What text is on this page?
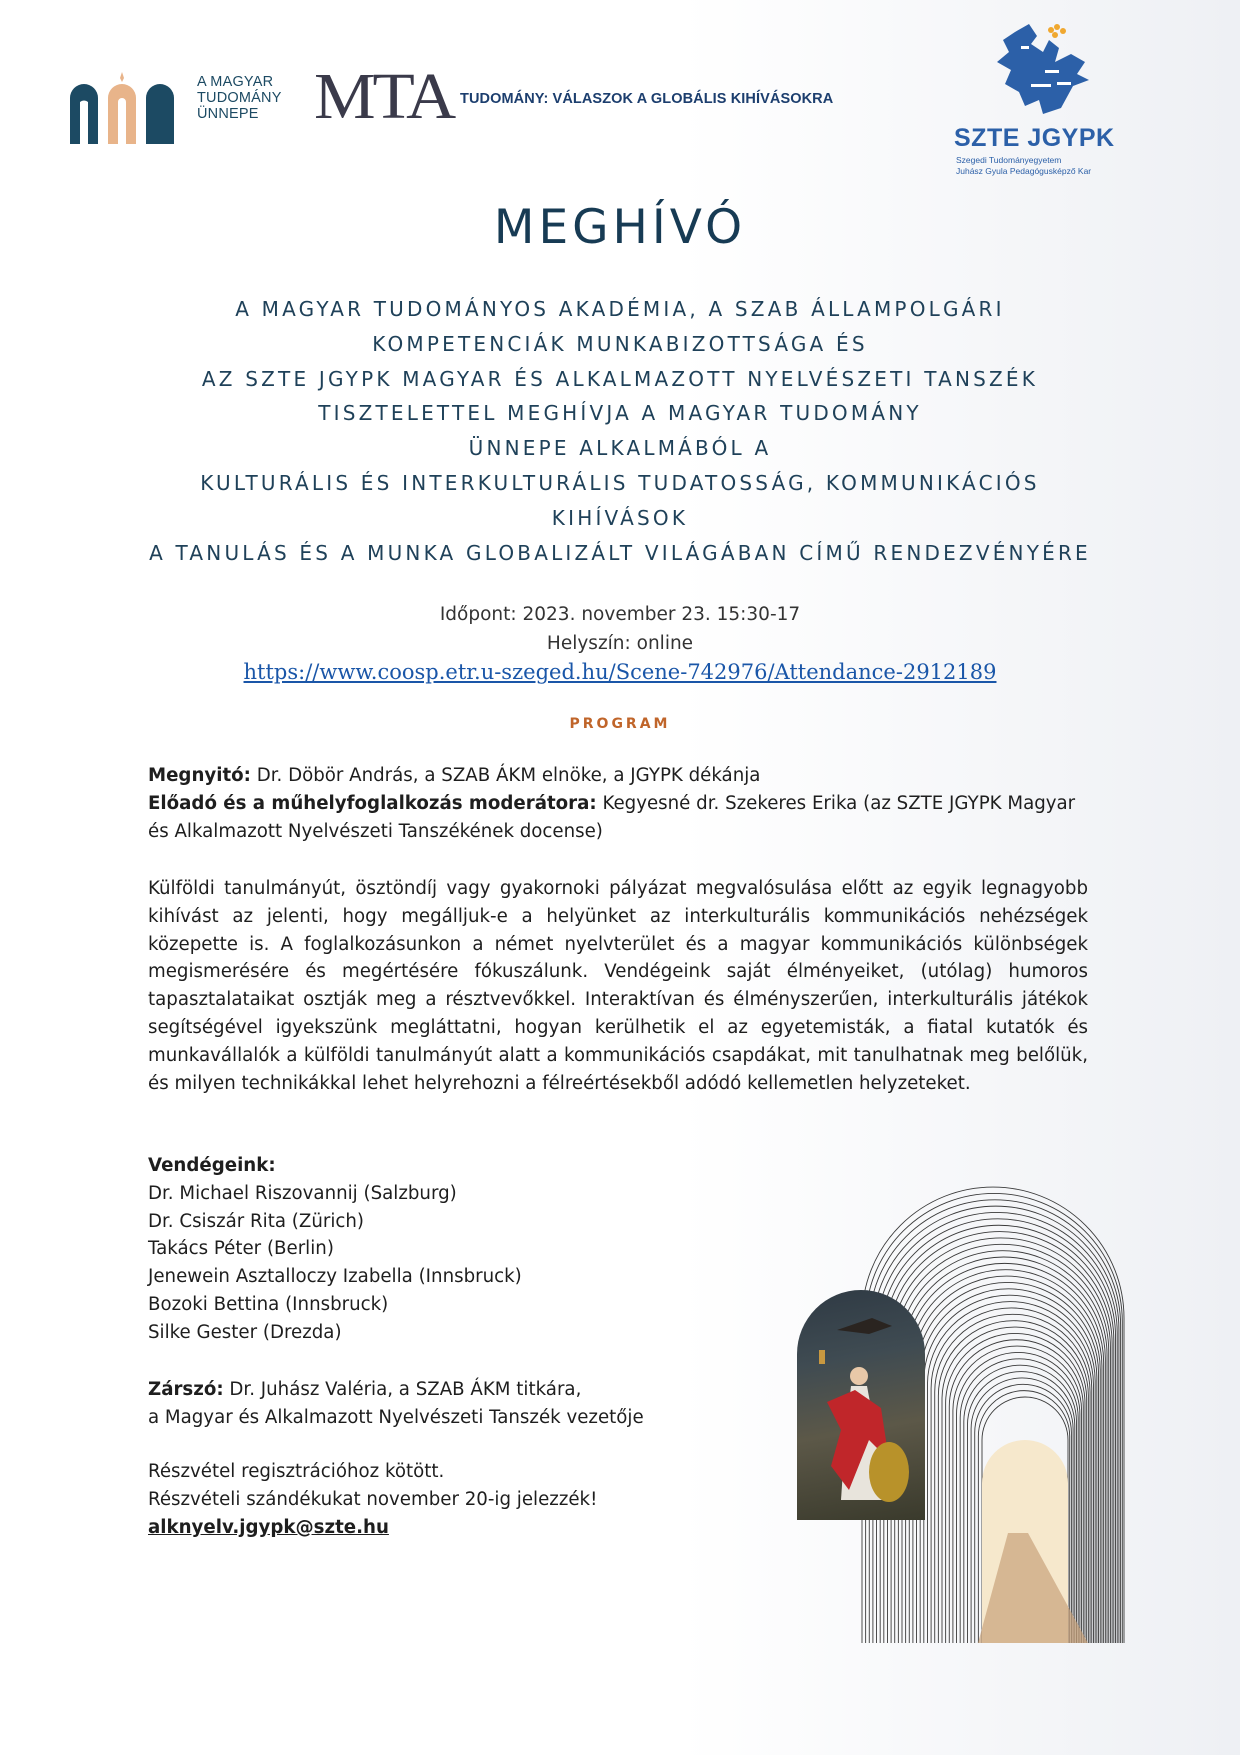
A MAGYAR
TUDOMÁNY
ÜNNEPE MTA TUDOMÁNY: VÁLASZOK A GLOBÁLIS KIHÍVÁSOKRA
SZTE JGYPK
Szegedi Tudományegyetem
Juhász Gyula Pedagógusképző Kar
MEGHÍVÓ
A MAGYAR TUDOMÁNYOS AKADÉMIA, A SZAB ÁLLAMPOLGÁRI
KOMPETENCIÁK MUNKABIZOTTSÁGA ÉS
AZ SZTE JGYPK MAGYAR ÉS ALKALMAZOTT NYELVÉSZETI TANSZÉK
TISZTELETTEL MEGHÍVJA A MAGYAR TUDOMÁNY
ÜNNEPE ALKALMÁBÓL A
KULTURÁLIS ÉS INTERKULTURÁLIS TUDATOSSÁG, KOMMUNIKÁCIÓS
KIHÍVÁSOK
A TANULÁS ÉS A MUNKA GLOBALIZÁLT VILÁGÁBAN CÍMŰ RENDEZVÉNYÉRE
Időpont: 2023. november 23. 15:30-17
Helyszín: online
https://www.coosp.etr.u-szeged.hu/Scene-742976/Attendance-2912189
PROGRAM
Megnyitó: Dr. Döbör András, a SZAB ÁKM elnöke, a JGYPK dékánja
Előadó és a műhelyfoglalkozás moderátora: Kegyesné dr. Szekeres Erika (az SZTE JGYPK Magyar és Alkalmazott Nyelvészeti Tanszékének docense)
Külföldi tanulmányút, ösztöndíj vagy gyakornoki pályázat megvalósulása előtt az egyik legnagyobb kihívást az jelenti, hogy megálljuk-e a helyünket az interkulturális kommunikációs nehézségek közepette is. A foglalkozásunkon a német nyelvterület és a magyar kommunikációs különbségek megismerésére és megértésére fókuszálunk. Vendégeink saját élményeiket, (utólag) humoros tapasztalataikat osztják meg a résztvevőkkel. Interaktívan és élményszerűen, interkulturális játékok segítségével igyekszünk megláttatni, hogyan kerülhetik el az egyetemisták, a fiatal kutatók és munkavállalók a külföldi tanulmányút alatt a kommunikációs csapdákat, mit tanulhatnak meg belőlük, és milyen technikákkal lehet helyrehozni a félreértésekből adódó kellemetlen helyzeteket.
Vendégeink:
Dr. Michael Riszovannij (Salzburg)
Dr. Csiszár Rita (Zürich)
Takács Péter (Berlin)
Jenewein Asztalloczy Izabella (Innsbruck)
Bozoki Bettina (Innsbruck)
Silke Gester (Drezda)
Zárszó: Dr. Juhász Valéria, a SZAB ÁKM titkára,
a Magyar és Alkalmazott Nyelvészeti Tanszék vezetője
Részvétel regisztrációhoz kötött.
Részvételi szándékukat november 20-ig jelezzék!
alknyelv.jgypk@szte.hu
